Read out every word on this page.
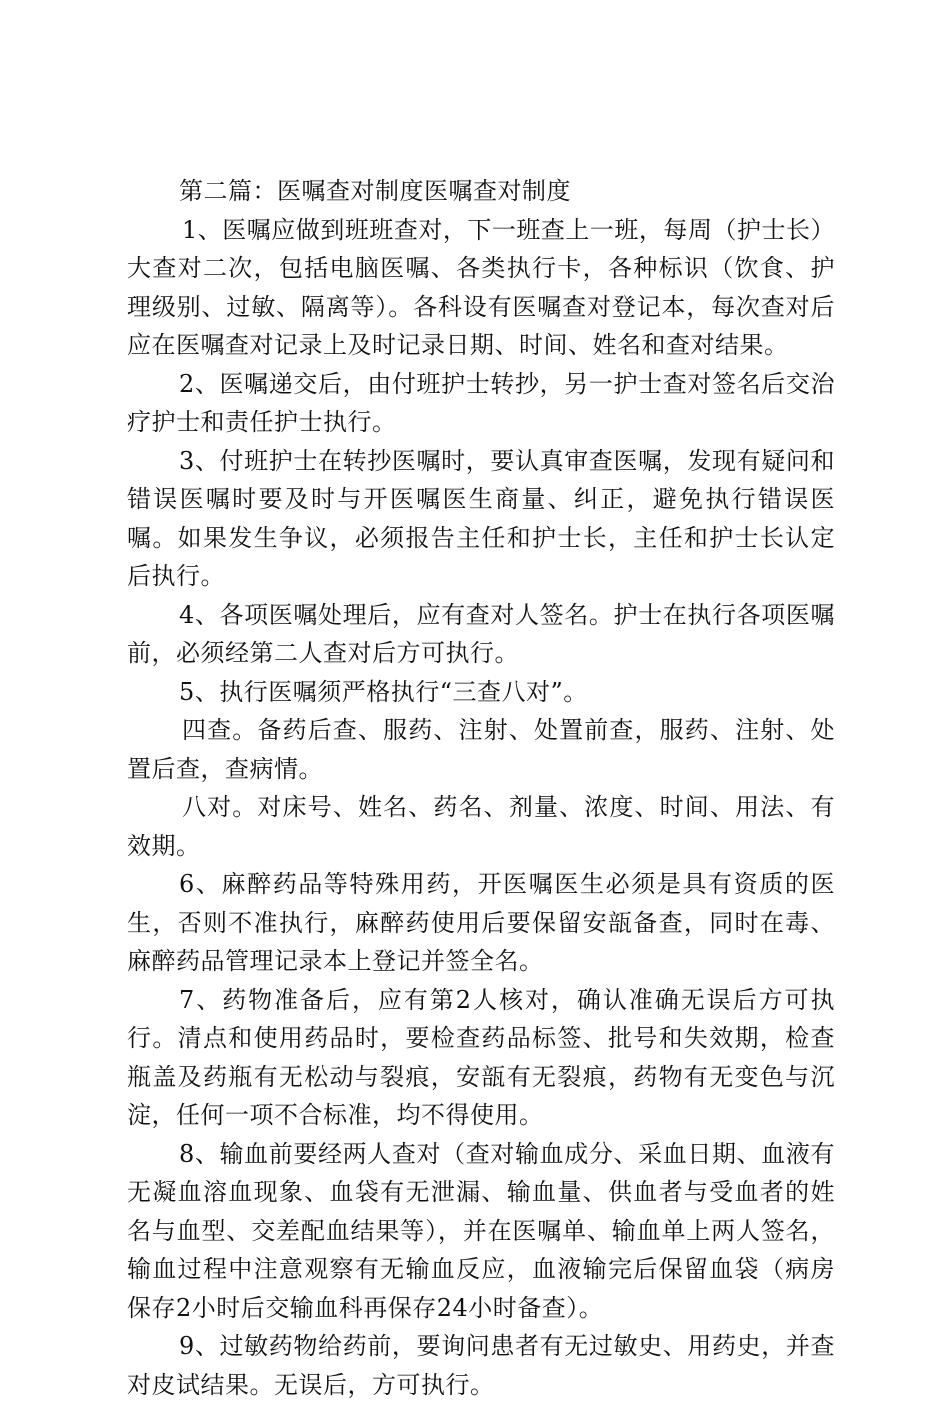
第二篇：医嘱查对制度医嘱查对制度

1、医嘱应做到班班查对，下一班查上一班，每周（护士长）大查对二次，包括电脑医嘱、各类执行卡，各种标识（饮食、护理级别、过敏、隔离等）。各科设有医嘱查对登记本，每次查对后应在医嘱查对记录上及时记录日期、时间、姓名和查对结果。

2、医嘱递交后，由付班护士转抄，另一护士查对签名后交治疗护士和责任护士执行。

3、付班护士在转抄医嘱时，要认真审查医嘱，发现有疑问和错误医嘱时要及时与开医嘱医生商量、纠正，避免执行错误医嘱。如果发生争议，必须报告主任和护士长，主任和护士长认定后执行。

4、各项医嘱处理后，应有查对人签名。护士在执行各项医嘱前，必须经第二人查对后方可执行。

5、执行医嘱须严格执行“三查八对”。

四查。备药后查、服药、注射、处置前查，服药、注射、处置后查，查病情。

八对。对床号、姓名、药名、剂量、浓度、时间、用法、有效期。

6、麻醉药品等特殊用药，开医嘱医生必须是具有资质的医生，否则不准执行，麻醉药使用后要保留安瓿备查，同时在毒、麻醉药品管理记录本上登记并签全名。

7、药物准备后，应有第2人核对，确认准确无误后方可执行。清点和使用药品时，要检查药品标签、批号和失效期，检查瓶盖及药瓶有无松动与裂痕，安瓿有无裂痕，药物有无变色与沉淀，任何一项不合标准，均不得使用。

8、输血前要经两人查对（查对输血成分、采血日期、血液有无凝血溶血现象、血袋有无泄漏、输血量、供血者与受血者的姓名与血型、交差配血结果等），并在医嘱单、输血单上两人签名，输血过程中注意观察有无输血反应，血液输完后保留血袋（病房保存2小时后交输血科再保存24小时备查）。

9、过敏药物给药前，要询问患者有无过敏史、用药史，并查对皮试结果。无误后，方可执行。
